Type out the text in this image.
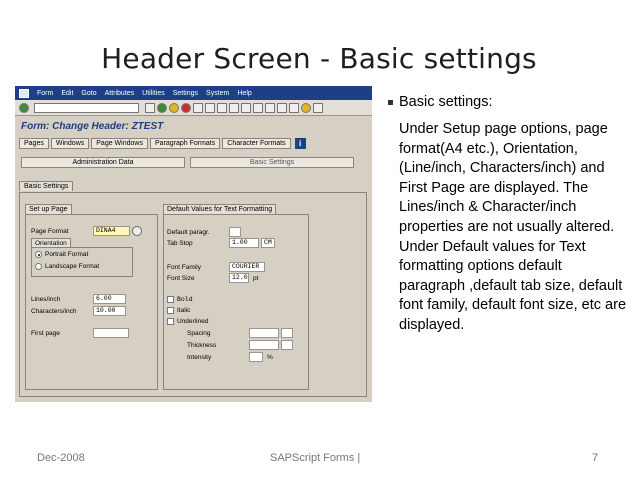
Header Screen - Basic settings
Form Edit Goto Attributes Utilities Settings System Help
Form: Change Header: ZTEST
Pages	Windows	Page Windows	Paragraph Formats	Character Formats	i
Administration Data	Basic Settings
Basic Settings
Set up Page
Page Format	DINA4
Orientation
Portrait Format
Landscape Format
Lines/inch	6.00
Characters/inch	10.00
First page
Default Values for Text Formatting
Default paragr.
Tab Stop	1.00	CM
Font Family	COURIER
Font Size	12.0 pt
Bold
Italic
Underlined
Spacing
Thickness
Intensity	%
Basic settings:
Under Setup page options, page format(A4 etc.), Orientation, (Line/inch, Characters/inch) and First Page are displayed. The Lines/inch & Character/inch properties are not usually altered. Under Default values for Text formatting options default paragraph ,default tab size, default font family, default font size, etc are displayed.
Dec-2008	SAPScript Forms |	7
